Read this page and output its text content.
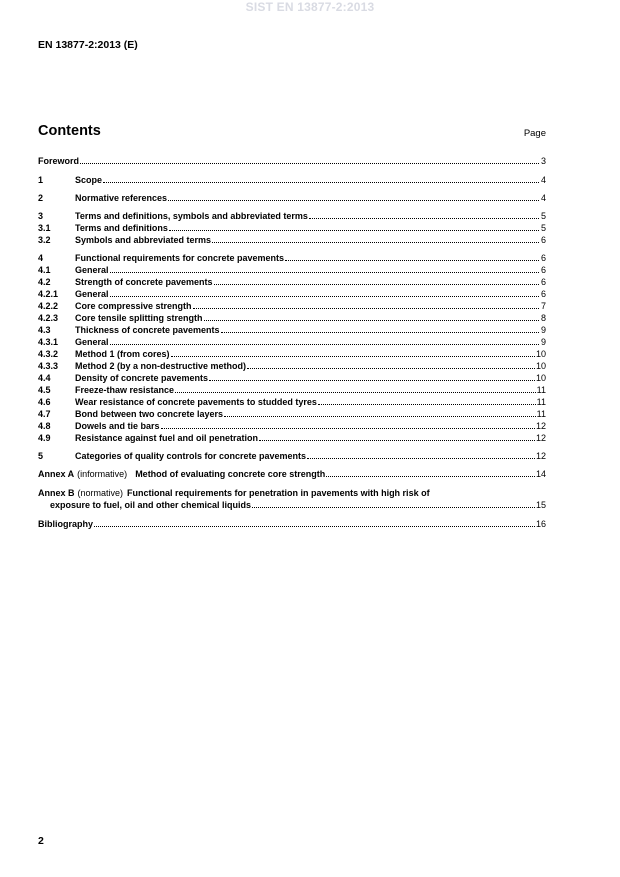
SIST EN 13877-2:2013
EN 13877-2:2013 (E)
Contents	Page
Foreword	3
1	Scope	4
2	Normative references	4
3	Terms and definitions, symbols and abbreviated terms	5
3.1	Terms and definitions	5
3.2	Symbols and abbreviated terms	6
4	Functional requirements for concrete pavements	6
4.1	General	6
4.2	Strength of concrete pavements	6
4.2.1	General	6
4.2.2	Core compressive strength	7
4.2.3	Core tensile splitting strength	8
4.3	Thickness of concrete pavements	9
4.3.1	General	9
4.3.2	Method 1 (from cores)	10
4.3.3	Method 2 (by a non-destructive method)	10
4.4	Density of concrete pavements	10
4.5	Freeze-thaw resistance	11
4.6	Wear resistance of concrete pavements to studded tyres	11
4.7	Bond between two concrete layers	11
4.8	Dowels and tie bars	12
4.9	Resistance against fuel and oil penetration	12
5	Categories of quality controls for concrete pavements	12
Annex A (informative) Method of evaluating concrete core strength	14
Annex B (normative) Functional requirements for penetration in pavements with high risk of
exposure to fuel, oil and other chemical liquids	15
Bibliography	16
2
